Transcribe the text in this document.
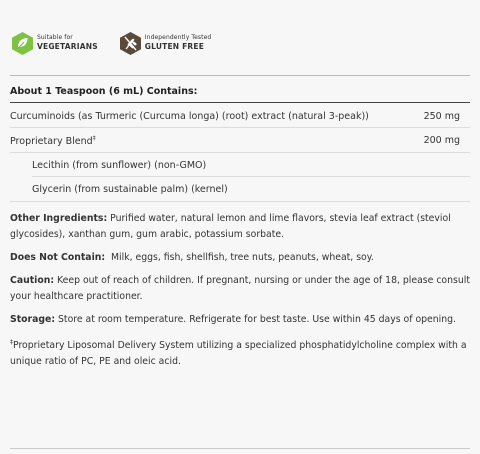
Suitable for
VEGETARIANS
Independently Tested
GLUTEN FREE
About 1 Teaspoon (6 mL) Contains:
Curcuminoids (as Turmeric (Curcuma longa) (root) extract (natural 3-peak))	250 mg
Proprietary Blend‡	200 mg
Lecithin (from sunflower) (non-GMO)
Glycerin (from sustainable palm) (kernel)

Other Ingredients: Purified water, natural lemon and lime flavors, stevia leaf extract (steviol glycosides), xanthan gum, gum arabic, potassium sorbate.

Does Not Contain:  Milk, eggs, fish, shellfish, tree nuts, peanuts, wheat, soy.

Caution: Keep out of reach of children. If pregnant, nursing or under the age of 18, please consult your healthcare practitioner.

Storage: Store at room temperature. Refrigerate for best taste. Use within 45 days of opening.

‡Proprietary Liposomal Delivery System utilizing a specialized phosphatidylcholine complex with a unique ratio of PC, PE and oleic acid.
